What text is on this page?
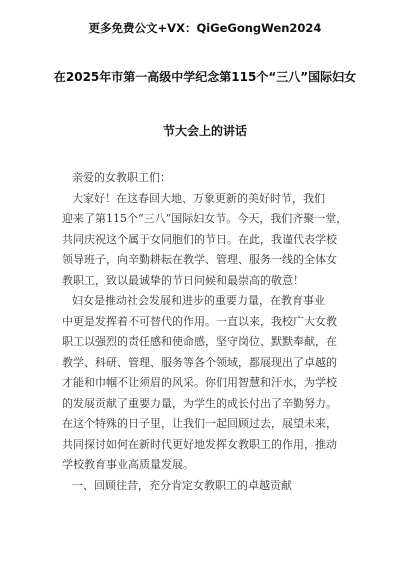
更多免费公文+VX：QiGeGongWen2024
在2025年市第一高级中学纪念第115个“三八”国际妇女
节大会上的讲话
亲爱的女教职工们：
大家好！在这春回大地、万象更新的美好时节，我们
迎来了第115个“三八”国际妇女节。今天，我们齐聚一堂，
共同庆祝这个属于女同胞们的节日。在此，我谨代表学校
领导班子，向辛勤耕耘在教学、管理、服务一线的全体女
教职工，致以最诚挚的节日问候和最崇高的敬意！
妇女是推动社会发展和进步的重要力量，在教育事业
中更是发挥着不可替代的作用。一直以来，我校广大女教
职工以强烈的责任感和使命感，坚守岗位、默默奉献，在
教学、科研、管理、服务等各个领域，都展现出了卓越的
才能和巾帼不让须眉的风采。你们用智慧和汗水，为学校
的发展贡献了重要力量，为学生的成长付出了辛勤努力。
在这个特殊的日子里，让我们一起回顾过去，展望未来，
共同探讨如何在新时代更好地发挥女教职工的作用，推动
学校教育事业高质量发展。
一、回顾往昔，充分肯定女教职工的卓越贡献
